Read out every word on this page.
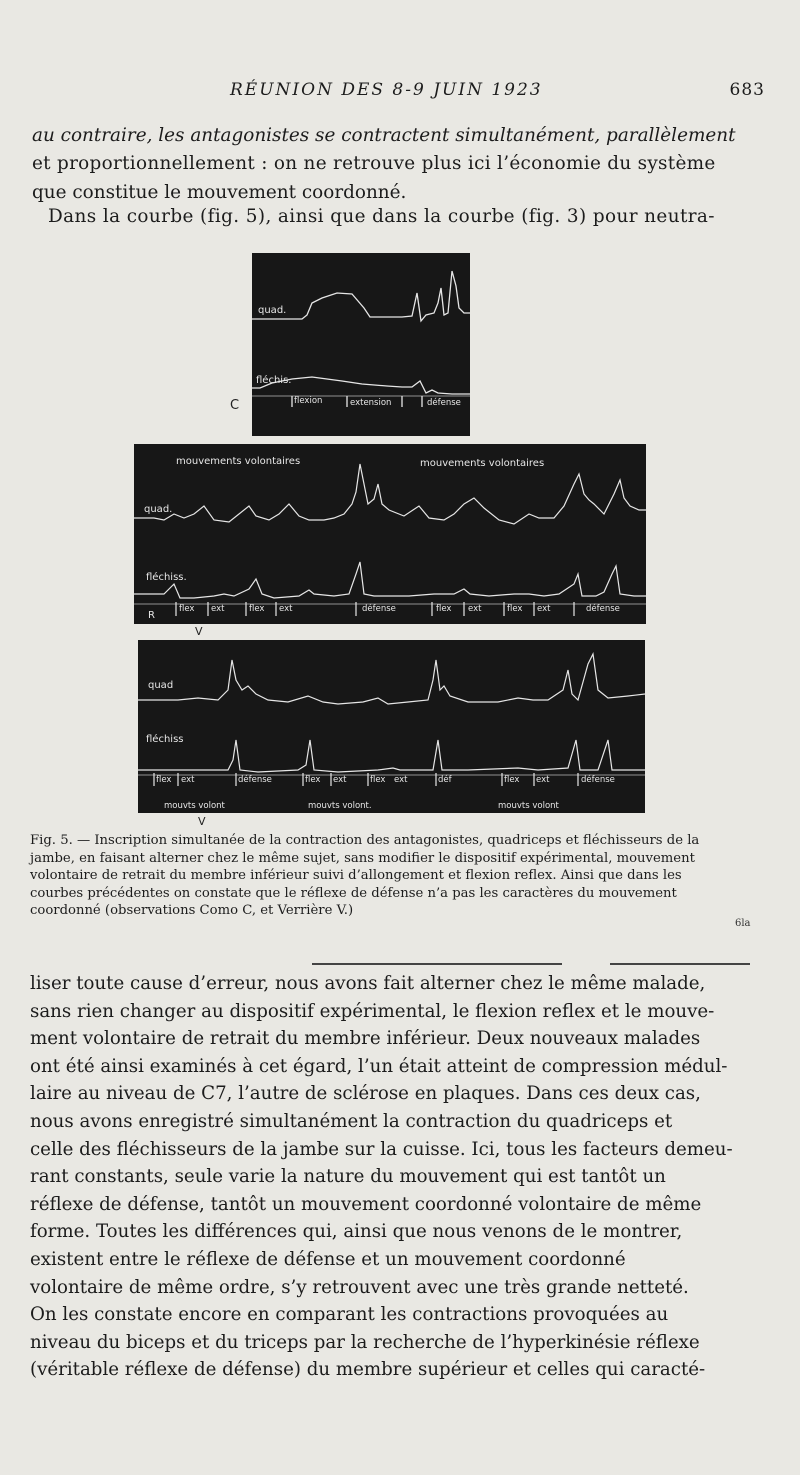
RÉUNION DES 8-9 JUIN 1923	683
au contraire, les antagonistes se contractent simultanément, parallèlement
et proportionnellement : on ne retrouve plus ici l’économie du système
que constitue le mouvement coordonné.
Dans la courbe (fig. 5), ainsi que dans la courbe (fig. 3) pour neutra-
C
quad.
fléchis.
flexion	extension	défense
mouvements volontaires	mouvements volontaires
quad.
fléchiss.
R
flex ext	flex ext	défense	flex ext	flex ext	défense
V
quad
fléchiss
flex ext	défense	flex ext	flex ext	déf	flex ext	défense
mouvts volont	mouvts volont.	mouvts volont
V
Fig. 5. — Inscription simultanée de la contraction des antagonistes, quadriceps et fléchisseurs de la
jambe, en faisant alterner chez le même sujet, sans modifier le dispositif expérimental, mouvement
volontaire de retrait du membre inférieur suivi d’allongement et flexion reflex. Ainsi que dans les
courbes précédentes on constate que le réflexe de défense n’a pas les caractères du mouvement
coordonné (observations Como C, et Verrière V.)
6la
liser toute cause d’erreur, nous avons fait alterner chez le même malade,
sans rien changer au dispositif expérimental, le flexion reflex et le mouve-
ment volontaire de retrait du membre inférieur. Deux nouveaux malades
ont été ainsi examinés à cet égard, l’un était atteint de compression médul-
laire au niveau de C7, l’autre de sclérose en plaques. Dans ces deux cas,
nous avons enregistré simultanément la contraction du quadriceps et
celle des fléchisseurs de la jambe sur la cuisse. Ici, tous les facteurs demeu-
rant constants, seule varie la nature du mouvement qui est tantôt un
réflexe de défense, tantôt un mouvement coordonné volontaire de même
forme. Toutes les différences qui, ainsi que nous venons de le montrer,
existent entre le réflexe de défense et un mouvement coordonné
volontaire de même ordre, s’y retrouvent avec une très grande netteté.
On les constate encore en comparant les contractions provoquées au
niveau du biceps et du triceps par la recherche de l’hyperkinésie réflexe
(véritable réflexe de défense) du membre supérieur et celles qui caracté-
